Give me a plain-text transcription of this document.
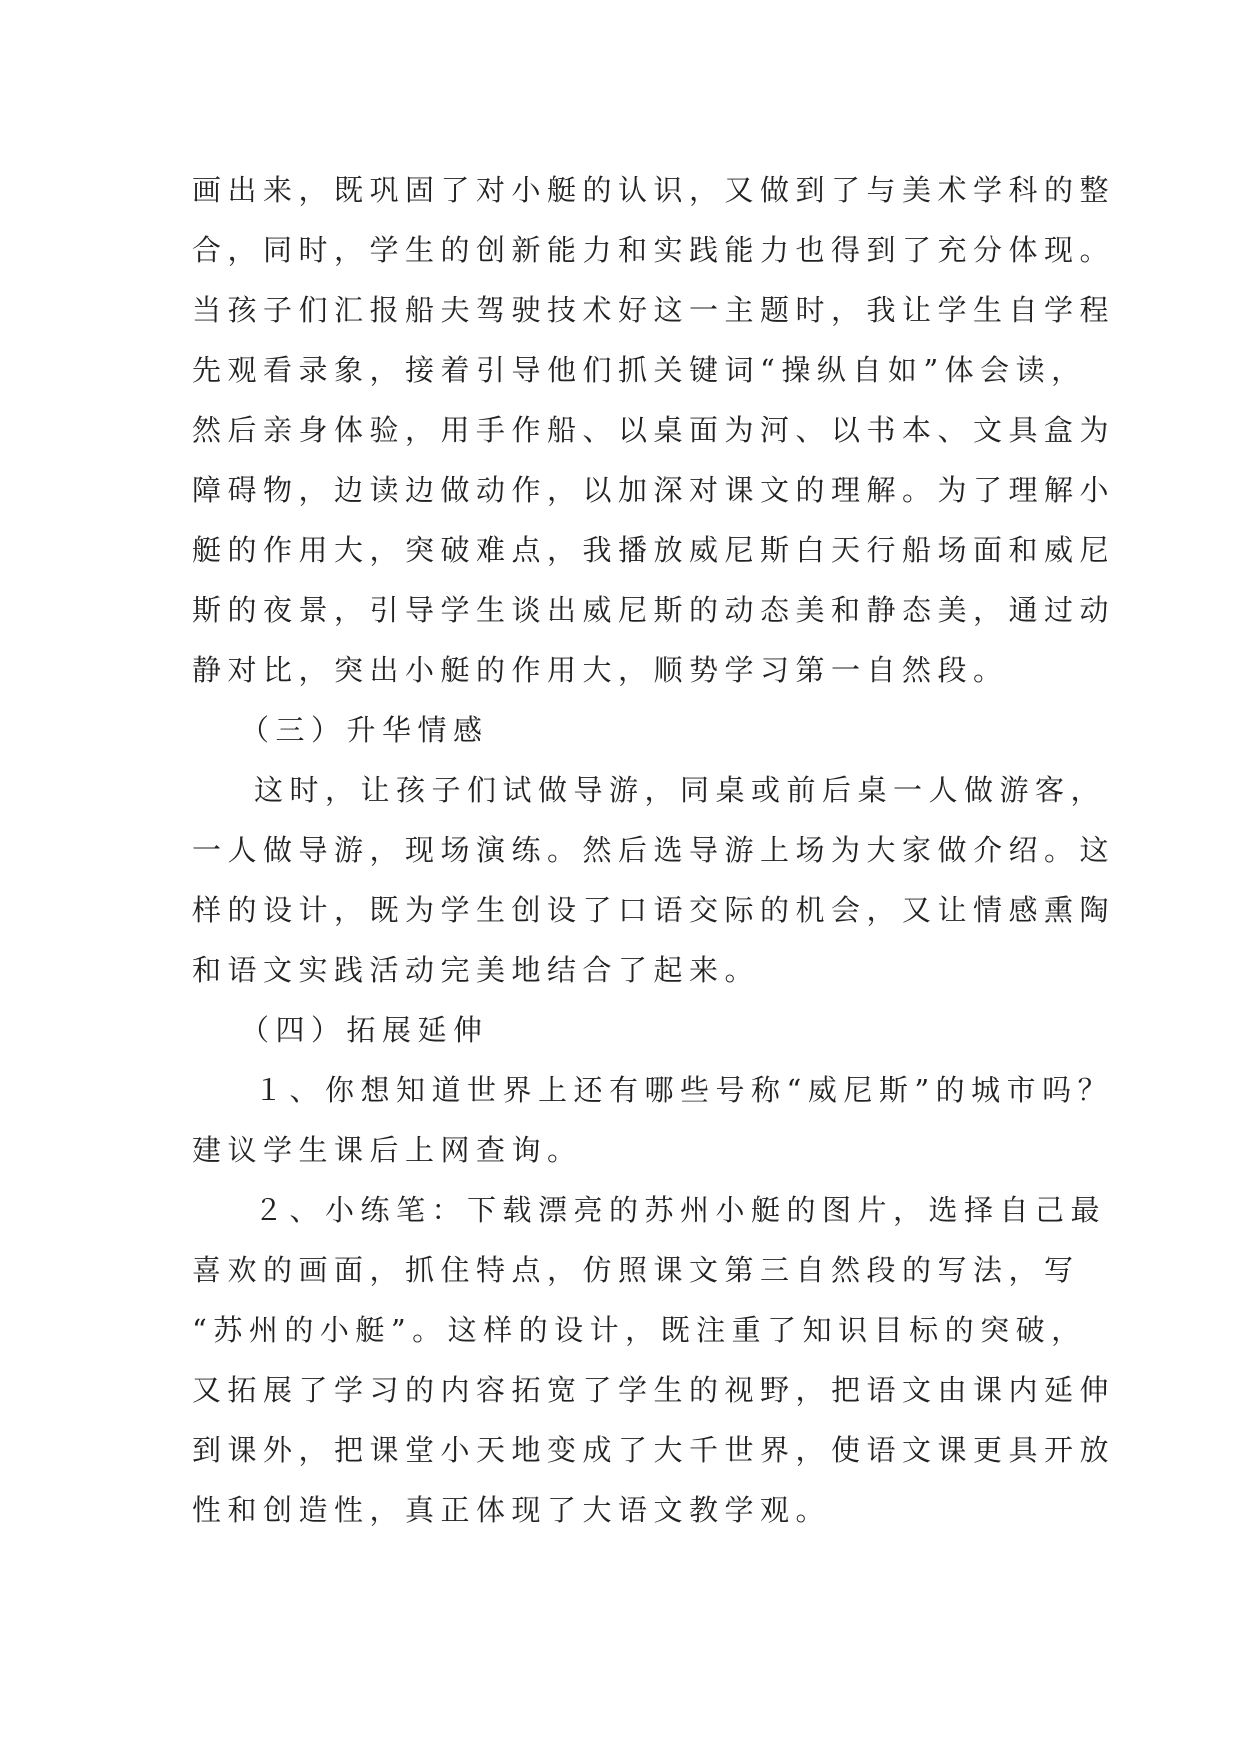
画出来，既巩固了对小艇的认识，又做到了与美术学科的整
合，同时，学生的创新能力和实践能力也得到了充分体现。
当孩子们汇报船夫驾驶技术好这一主题时，我让学生自学程
先观看录象，接着引导他们抓关键词“操纵自如”体会读，
然后亲身体验，用手作船、以桌面为河、以书本、文具盒为
障碍物，边读边做动作，以加深对课文的理解。为了理解小
艇的作用大，突破难点，我播放威尼斯白天行船场面和威尼
斯的夜景，引导学生谈出威尼斯的动态美和静态美，通过动
静对比，突出小艇的作用大，顺势学习第一自然段。
（三）升华情感
这时，让孩子们试做导游，同桌或前后桌一人做游客，
一人做导游，现场演练。然后选导游上场为大家做介绍。这
样的设计，既为学生创设了口语交际的机会，又让情感熏陶
和语文实践活动完美地结合了起来。
（四）拓展延伸
１、你想知道世界上还有哪些号称“威尼斯”的城市吗？
建议学生课后上网查询。
２、小练笔：下载漂亮的苏州小艇的图片，选择自己最
喜欢的画面，抓住特点，仿照课文第三自然段的写法，写
“苏州的小艇”。这样的设计，既注重了知识目标的突破，
又拓展了学习的内容拓宽了学生的视野，把语文由课内延伸
到课外，把课堂小天地变成了大千世界，使语文课更具开放
性和创造性，真正体现了大语文教学观。
